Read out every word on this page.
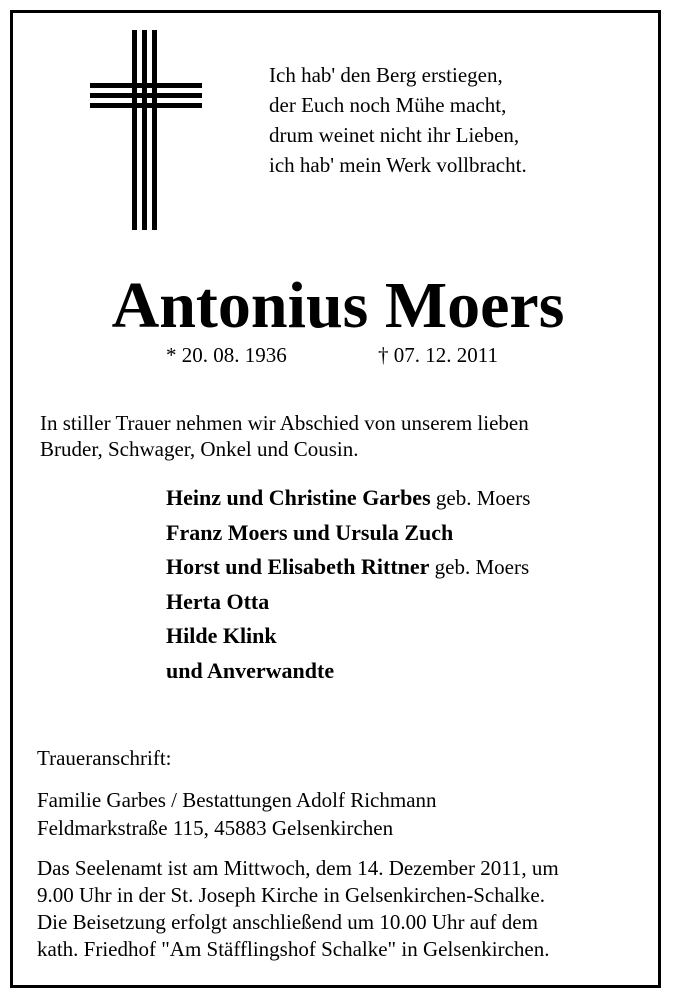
Ich hab' den Berg erstiegen,
der Euch noch Mühe macht,
drum weinet nicht ihr Lieben,
ich hab' mein Werk vollbracht.
Antonius Moers
* 20. 08. 1936	† 07. 12. 2011
In stiller Trauer nehmen wir Abschied von unserem lieben
Bruder, Schwager, Onkel und Cousin.
Heinz und Christine Garbes geb. Moers
Franz Moers und Ursula Zuch
Horst und Elisabeth Rittner geb. Moers
Herta Otta
Hilde Klink
und Anverwandte
Traueranschrift:
Familie Garbes / Bestattungen Adolf Richmann
Feldmarkstraße 115, 45883 Gelsenkirchen
Das Seelenamt ist am Mittwoch, dem 14. Dezember 2011, um
9.00 Uhr in der St. Joseph Kirche in Gelsenkirchen-Schalke.
Die Beisetzung erfolgt anschließend um 10.00 Uhr auf dem
kath. Friedhof "Am Stäfflingshof Schalke" in Gelsenkirchen.
